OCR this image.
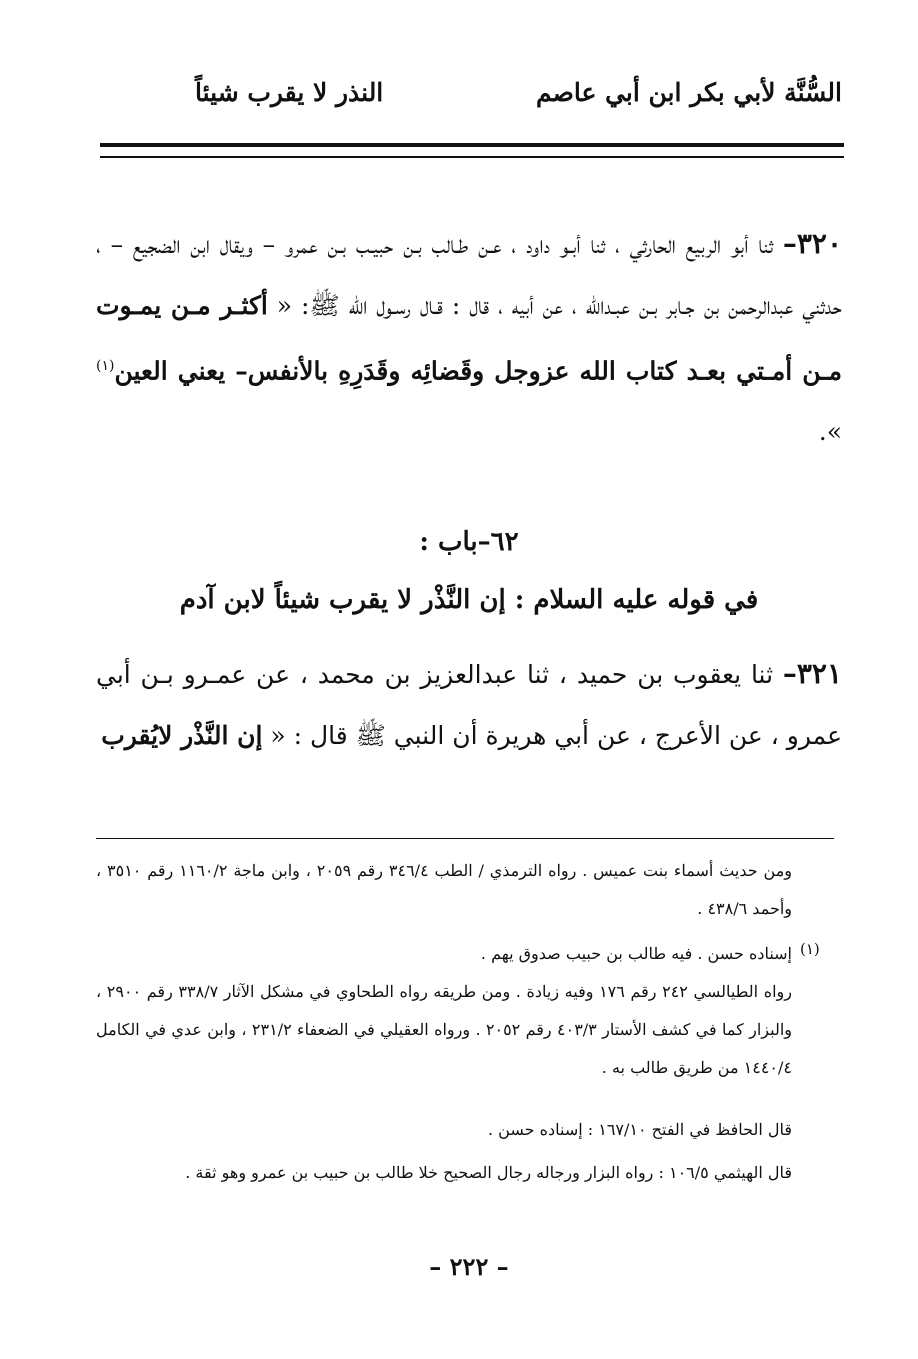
السُّنَّة لأبي بكر ابن أبي عاصم
النذر لا يقرب شيئاً
٣٢٠– ثنا أبو الربيع الحارثي ، ثنا أبـو داود ، عـن طـالب بـن حبيـب بـن عمرو – ويقال ابن الضجيع – ، حدثني عبدالرحمن بن جـابر بـن عبـدالله ، عن أبيه ، قال : قـال رسـول الله ﷺ: « أكثـر مـن يمـوت مـن أمـتي بعـد كتاب الله عزوجل وقَضائِه وقَدَرِهِ بالأنفس– يعني العين$^{(١)}$ ».
٦٢–باب :
في قوله عليه السلام : إن النَّذْر لا يقرب شيئاً لابن آدم
٣٢١– ثنا يعقوب بن حميد ، ثنا عبدالعزيز بن محمد ، عن عمـرو بـن أبي عمرو ، عن الأعرج ، عن أبي هريرة أن النبي ﷺ قال : « إن النَّذْر لايُقرب
ومن حديث أسماء بنت عميس . رواه الترمذي / الطب ٣٤٦/٤ رقم ٢٠٥٩ ، وابن ماجة ١١٦٠/٢ رقم ٣٥١٠ ، وأحمد ٤٣٨/٦ .
(١)
إسناده حسن . فيه طالب بن حبيب صدوق يهم .
رواه الطيالسي ٢٤٢ رقم ١٧٦ وفيه زيادة . ومن طريقه رواه الطحاوي في مشكل الآثار ٣٣٨/٧ رقم ٢٩٠٠ ، والبزار كما في كشف الأستار ٤٠٣/٣ رقم ٢٠٥٢ . ورواه العقيلي في الضعفاء ٢٣١/٢ ، وابن عدي في الكامل ١٤٤٠/٤ من طريق طالب به .
قال الحافظ في الفتح ١٦٧/١٠ : إسناده حسن .
قال الهيثمي ١٠٦/٥ : رواه البزار ورجاله رجال الصحيح خلا طالب بن حبيب بن عمرو وهو ثقة .
– ٢٢٢ –
